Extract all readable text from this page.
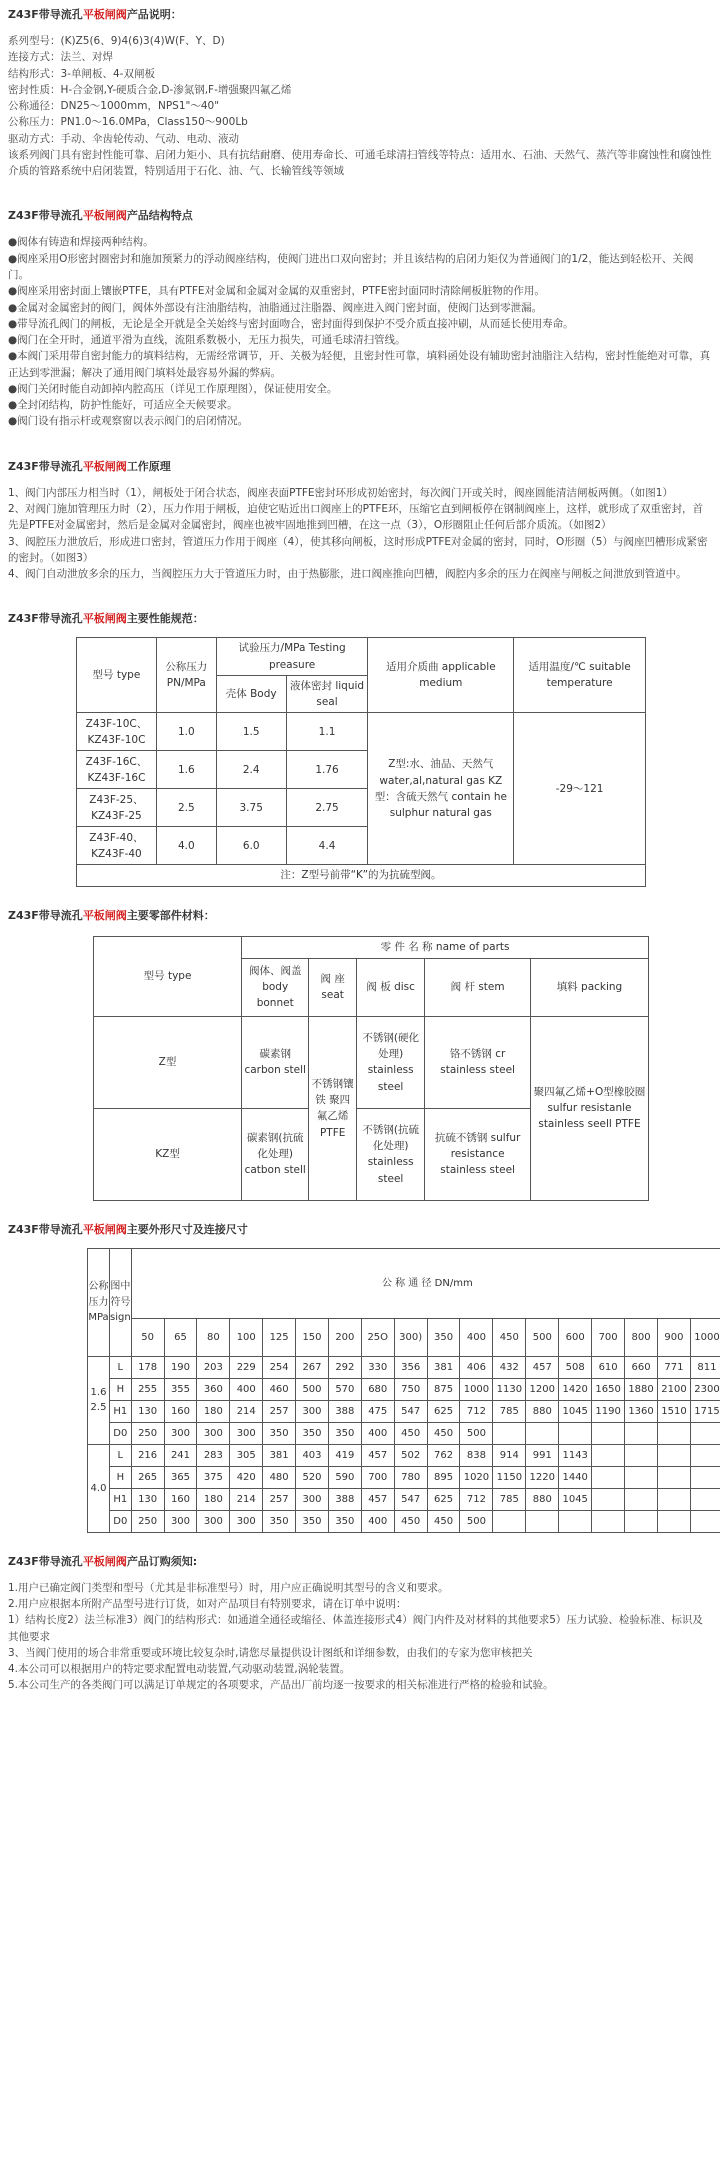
Z43F带导流孔平板闸阀产品说明：

系列型号：(K)Z5(6、9)4(6)3(4)W(F、Y、D)

连接方式：法兰、对焊

结构形式：3-单闸板、4-双闸板

密封性质：H-合金钢,Y-硬质合金,D-渗氮钢,F-增强聚四氟乙烯

公称通径：DN25～1000mm，NPS1"～40"

公称压力：PN1.0～16.0MPa，Class150～900Lb

驱动方式：手动、伞齿轮传动、气动、电动、液动

该系列阀门具有密封性能可靠、启闭力矩小、具有抗结耐磨、使用寿命长、可通毛球清扫管线等特点：适用水、石油、天然气、蒸汽等非腐蚀性和腐蚀性介质的管路系统中启闭装置，特别适用于石化、油、气、长输管线等领域

Z43F带导流孔平板闸阀产品结构特点

●阀体有铸造和焊接两种结构。

●阀座采用O形密封圈密封和施加预紧力的浮动阀座结构，使阀门进出口双向密封；并且该结构的启闭力矩仅为普通阀门的1/2，能达到轻松开、关阀门。

●阀座采用密封面上镶嵌PTFE，具有PTFE对金属和金属对金属的双重密封，PTFE密封面同时清除闸板脏物的作用。

●金属对金属密封的阀门，阀体外部设有注油脂结构，油脂通过注脂器、阀座进入阀门密封面，使阀门达到零泄漏。

●带导流孔阀门的闸板，无论是全开就是全关始终与密封面吻合，密封面得到保护不受介质直接冲刷，从而延长使用寿命。

●阀门在全开时，通道平滑为直线，流阻系数极小，无压力损失，可通毛球清扫管线。

●本阀门采用带自密封能力的填料结构，无需经常调节，开、关极为轻便，且密封性可靠，填料函处设有辅助密封油脂注入结构，密封性能绝对可靠，真正达到零泄漏；解决了通用阀门填料处最容易外漏的弊病。

●阀门关闭时能自动卸掉内腔高压（详见工作原理图），保证使用安全。

●全封闭结构，防护性能好，可适应全天候要求。

●阀门设有指示杆或观察窗以表示阀门的启闭情况。

Z43F带导流孔平板闸阀工作原理

1、阀门内部压力相当时（1），闸板处于闭合状态，阀座表面PTFE密封环形成初始密封，每次阀门开或关时，阀座圆能清洁闸板两侧。（如图1）

2、对阀门施加管理压力时（2），压力作用于闸板，迫使它贴近出口阀座上的PTFE环，压缩它直到闸板停在钢制阀座上，这样，就形成了双重密封，首先是PTFE对金属密封，然后是金属对金属密封，阀座也被牢固地推到凹槽，在这一点（3），O形圈阻止任何后部介质流。（如图2）

3、阀腔压力泄放后，形成进口密封，管道压力作用于阀座（4），使其移向闸板，这时形成PTFE对金属的密封，同时，O形圈（5）与阀座凹槽形成紧密的密封。（如图3）

4、阀门自动泄放多余的压力，当阀腔压力大于管道压力时，由于热膨胀，进口阀座推向凹槽，阀腔内多余的压力在阀座与闸板之间泄放到管道中。

Z43F带导流孔平板闸阀主要性能规范：

型号 type	公称压力PN/MPa	试验压力/MPa Testing preasure		适用介质曲 applicable medium	适用温度/℃ suitable temperature
		壳体 Body	液体密封 liquid seal		
Z43F-10C、KZ43F-10C	1.0	1.5	1.1	Z型:水、油品、天然气 water,al,natural gas KZ型：含硫天然气 contain he sulphur natural gas	-29～121
Z43F-16C、KZ43F-16C	1.6	2.4	1.76		
Z43F-25、KZ43F-25	2.5	3.75	2.75		
Z43F-40、KZ43F-40	4.0	6.0	4.4		
注：Z型号前带“K”的为抗硫型阀。					

Z43F带导流孔平板闸阀主要零部件材料：

型号 type	零 件 名 称 name of parts				
	阀体、阀盖 body bonnet	阀 座 seat	阀 板 disc	阀 杆 stem	填料 packing
Z型	碳素钢 carbon stell	不锈钢镶铁 聚四氟乙烯PTFE	不锈钢(硬化处理) stainless steel	铬不锈钢 cr stainless steel	聚四氟乙烯+O型橡胶圈 sulfur resistanle stainless seell PTFE
KZ型	碳素钢(抗硫化处理) catbon stell		不锈钢(抗硫化处理) stainless steel	抗硫不锈钢 sulfur resistance stainless steel	

Z43F带导流孔平板闸阀主要外形尺寸及连接尺寸

公称压力MPa	图中符号sign	公 称 通 径 DN/mm																	
		50	65	80	100	125	150	200	25O	300)	350	400	450	500	600	700	800	900	1000
1.6 2.5	L	178	190	203	229	254	267	292	330	356	381	406	432	457	508	610	660	771	811
	H	255	355	360	400	460	500	570	680	750	875	1000	1130	1200	1420	1650	1880	2100	2300
	H1	130	160	180	214	257	300	388	475	547	625	712	785	880	1045	1190	1360	1510	1715
	D0	250	300	300	300	350	350	350	400	450	450	500							
4.0	L	216	241	283	305	381	403	419	457	502	762	838	914	991	1143				
	H	265	365	375	420	480	520	590	700	780	895	1020	1150	1220	1440				
	H1	130	160	180	214	257	300	388	457	547	625	712	785	880	1045				
	D0	250	300	300	300	350	350	350	400	450	450	500							

Z43F带导流孔平板闸阀产品订购须知:

1.用户已确定阀门类型和型号（尤其是非标准型号）时，用户应正确说明其型号的含义和要求。

2.用户应根据本所附产品型号进行订货，如对产品项目有特别要求，请在订单中说明：

1）结构长度2）法兰标准3）阀门的结构形式：如通道全通径或缩径、体盖连接形式4）阀门内件及对材料的其他要求5）压力试验、检验标准、标识及其他要求

3、当阀门使用的场合非常重要或环境比较复杂时,请您尽量提供设计图纸和详细参数，由我们的专家为您审核把关

4.本公司可以根据用户的特定要求配置电动装置,气动驱动装置,涡轮装置。

5.本公司生产的各类阀门可以满足订单规定的各项要求，产品出厂前均逐一按要求的相关标准进行严格的检验和试验。
